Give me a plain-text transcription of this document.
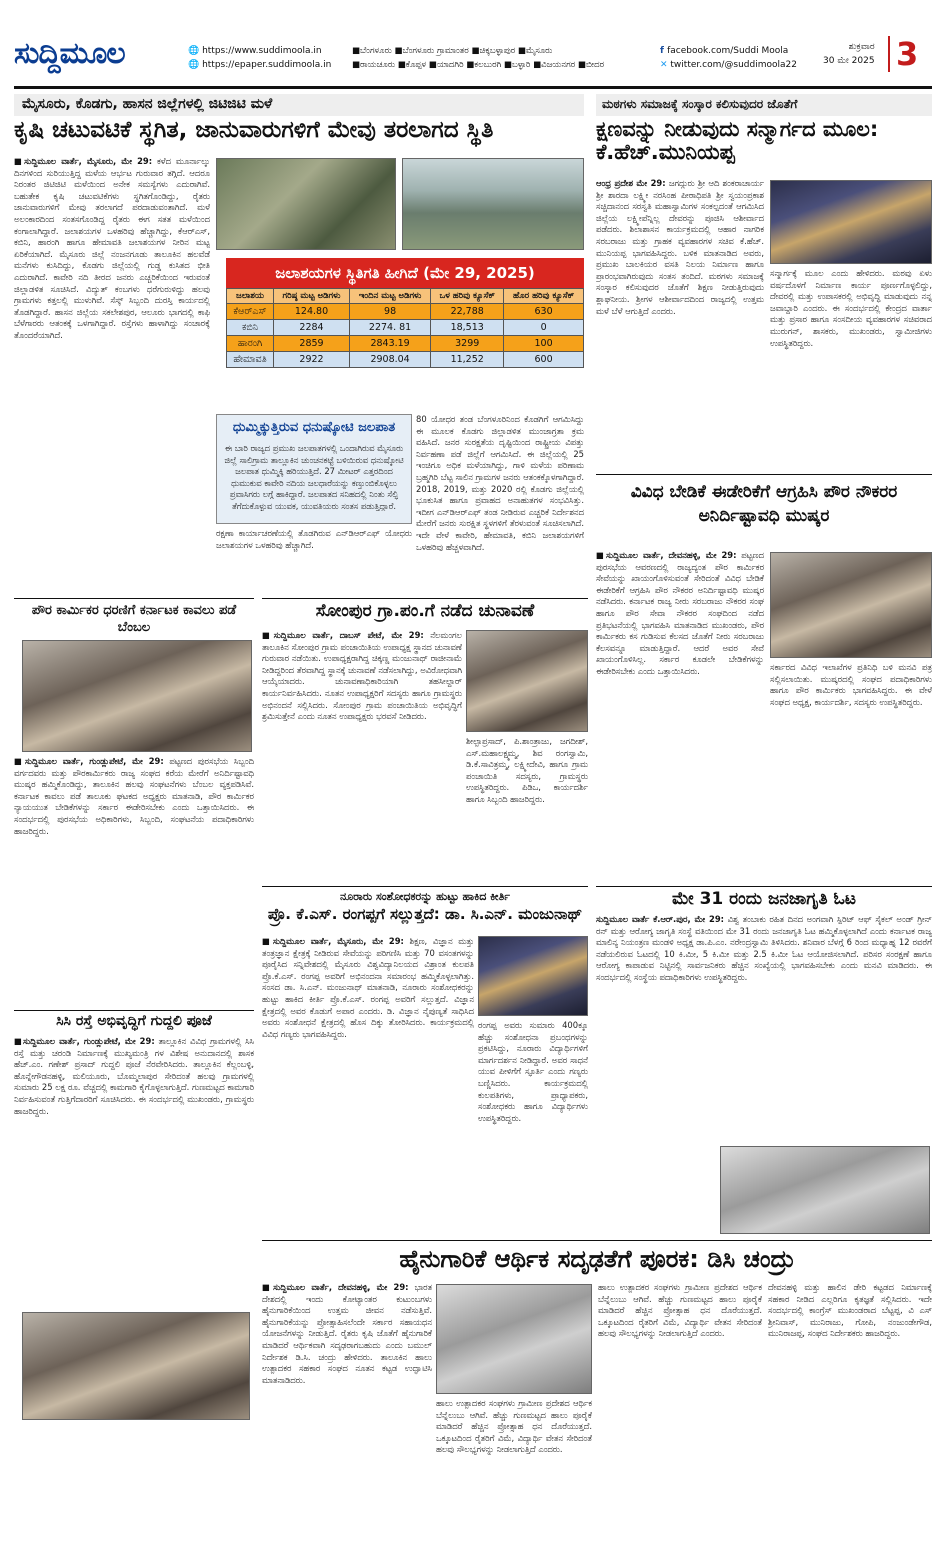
ಸುದ್ದಿಮೂಲ	🌐 https://www.suddimoola.in
🌐 https://epaper.suddimoola.in
■ಬೆಂಗಳೂರು ■ಬೆಂಗಳೂರು ಗ್ರಾಮಾಂತರ ■ಚಿಕ್ಕಬಳ್ಳಾಪುರ ■ಮೈಸೂರು
■ರಾಯಚೂರು ■ಕೊಪ್ಪಳ ■ಯಾದಗಿರಿ ■ಕಲಬುರಗಿ ■ಬಳ್ಳಾರಿ ■ವಿಜಯನಗರ ■ಬೀದರ
f facebook.com/Suddi Moola
✕ twitter.com/@suddimoola22
ಶುಕ್ರವಾರ
30 ಮೇ 2025 3
ಮೈಸೂರು, ಕೊಡಗು, ಹಾಸನ ಜಿಲ್ಲೆಗಳಲ್ಲಿ ಜಿಟಿಜಿಟಿ ಮಳೆ
ಕೃಷಿ ಚಟುವಟಿಕೆ ಸ್ಥಗಿತ, ಜಾನುವಾರುಗಳಿಗೆ ಮೇವು ತರಲಾಗದ ಸ್ಥಿತಿ
■ಸುದ್ದಿಮೂಲ ವಾರ್ತೆ, ಮೈಸೂರು, ಮೇ 29: ಕಳೆದ ಮೂರ್ನಾಲ್ಕು ದಿನಗಳಿಂದ ಸುರಿಯುತ್ತಿದ್ದ ಮಳೆಯ ಆರ್ಭಟ ಗುರುವಾರ ತಗ್ಗಿದೆ. ಆದರೂ ನಿರಂತರ ಜಿಟಿಜಿಟಿ ಮಳೆಯಿಂದ ಅನೇಕ ಸಮಸ್ಯೆಗಳು ಎದುರಾಗಿವೆ. ಬಹುತೇಕ ಕೃಷಿ ಚಟುವಟಿಕೆಗಳು ಸ್ಥಗಿತಗೊಂಡಿದ್ದು, ರೈತರು ಜಾನುವಾರುಗಳಿಗೆ ಮೇವು ತರಲಾಗದೆ ಪರದಾಡುವಂತಾಗಿದೆ. ಮಳೆ ಅಲಂಕಾರದಿಂದ ಸಂತಸಗೊಂಡಿದ್ದ ರೈತರು ಈಗ ಸತತ ಮಳೆಯಿಂದ ಕಂಗಾಲಾಗಿದ್ದಾರೆ. ಜಲಾಶಯಗಳ ಒಳಹರಿವು ಹೆಚ್ಚಾಗಿದ್ದು, ಕೆಆರ್‌ಎಸ್, ಕಬಿನಿ, ಹಾರಂಗಿ ಹಾಗೂ ಹೇಮಾವತಿ ಜಲಾಶಯಗಳ ನೀರಿನ ಮಟ್ಟ ಏರಿಕೆಯಾಗಿದೆ. ಮೈಸೂರು ಜಿಲ್ಲೆ ನಂಜನಗೂಡು ತಾಲೂಕಿನ ಹಲವೆಡೆ ಮನೆಗಳು ಕುಸಿದಿದ್ದು, ಕೊಡಗು ಜಿಲ್ಲೆಯಲ್ಲಿ ಗುಡ್ಡ ಕುಸಿತದ ಭೀತಿ ಎದುರಾಗಿದೆ. ಕಾವೇರಿ ನದಿ ತೀರದ ಜನರು ಎಚ್ಚರಿಕೆಯಿಂದ ಇರುವಂತೆ ಜಿಲ್ಲಾಡಳಿತ ಸೂಚಿಸಿದೆ. ವಿದ್ಯುತ್ ಕಂಬಗಳು ಧರೆಗುರುಳಿದ್ದು ಹಲವು ಗ್ರಾಮಗಳು ಕತ್ತಲಲ್ಲಿ ಮುಳುಗಿವೆ. ಸೆಸ್ಕ್ ಸಿಬ್ಬಂದಿ ದುರಸ್ತಿ ಕಾರ್ಯದಲ್ಲಿ ತೊಡಗಿದ್ದಾರೆ. ಹಾಸನ ಜಿಲ್ಲೆಯ ಸಕಲೇಶಪುರ, ಆಲೂರು ಭಾಗದಲ್ಲಿ ಕಾಫಿ ಬೆಳೆಗಾರರು ಆತಂಕಕ್ಕೆ ಒಳಗಾಗಿದ್ದಾರೆ. ರಸ್ತೆಗಳು ಹಾಳಾಗಿದ್ದು ಸಂಚಾರಕ್ಕೆ ತೊಂದರೆಯಾಗಿದೆ.
ಜಲಾಶಯಗಳ ಸ್ಥಿತಿಗತಿ ಹೀಗಿದೆ (ಮೇ 29, 2025)
ಜಲಾಶಯ	ಗರಿಷ್ಠ ಮಟ್ಟ ಅಡಿಗಳು	ಇಂದಿನ ಮಟ್ಟ ಅಡಿಗಳು	ಒಳ ಹರಿವು ಕ್ಯೂಸೆಕ್	ಹೊರ ಹರಿವು ಕ್ಯೂಸೆಕ್
ಕೆಆರ್‌ಎಸ್	124.80	98	22,788	630
ಕಬಿನಿ	2284	2274. 81	18,513	0
ಹಾರಂಗಿ	2859	2843.19	3299	100
ಹೇಮಾವತಿ	2922	2908.04	11,252	600
ಧುಮ್ಮಿಕ್ಕುತ್ತಿರುವ ಧನುಷ್ಕೋಟಿ ಜಲಪಾತ
ಈ ಬಾರಿ ರಾಜ್ಯದ ಪ್ರಮುಖ ಜಲಪಾತಗಳಲ್ಲಿ ಒಂದಾಗಿರುವ ಮೈಸೂರು ಜಿಲ್ಲೆ ಸಾಲಿಗ್ರಾಮ ತಾಲ್ಲೂಕಿನ ಚುಂಚನಕಟ್ಟೆ ಬಳಿಯಿರುವ ಧನುಷ್ಕೋಟಿ ಜಲಪಾತ ಧುಮ್ಮಿಕ್ಕಿ ಹರಿಯುತ್ತಿದೆ. 27 ಮೀಟರ್ ಎತ್ತರದಿಂದ ಧುಮುಕುವ ಕಾವೇರಿ ನದಿಯ ಜಲಧಾರೆಯನ್ನು ಕಣ್ತುಂಬಿಕೊಳ್ಳಲು ಪ್ರವಾಸಿಗರು ಲಗ್ಗೆ ಹಾಕಿದ್ದಾರೆ. ಜಲಪಾತದ ಸನಿಹದಲ್ಲಿ ನಿಂತು ಸೆಲ್ಫಿ ತೆಗೆದುಕೊಳ್ಳುವ ಯುವಕ, ಯುವತಿಯರು ಸಂತಸ ಪಡುತ್ತಿದ್ದಾರೆ.
80 ಯೋಧರ ತಂಡ ಬೆಂಗಳೂರಿನಿಂದ ಕೊಡಗಿಗೆ ಆಗಮಿಸಿದ್ದು ಈ ಮೂಲಕ ಕೊಡಗು ಜಿಲ್ಲಾಡಳಿತ ಮುಂಜಾಗ್ರತಾ ಕ್ರಮ ವಹಿಸಿದೆ. ಜನರ ಸುರಕ್ಷತೆಯ ದೃಷ್ಟಿಯಿಂದ ರಾಷ್ಟ್ರೀಯ ವಿಪತ್ತು ನಿರ್ವಹಣಾ ಪಡೆ ಜಿಲ್ಲೆಗೆ ಆಗಮಿಸಿದೆ. ಈ ಜಿಲ್ಲೆಯಲ್ಲಿ 25 ಇಂಚಿಗೂ ಅಧಿಕ ಮಳೆಯಾಗಿದ್ದು, ಗಾಳಿ ಮಳೆಯ ಪರಿಣಾಮ ಬ್ರಹ್ಮಗಿರಿ ಬೆಟ್ಟ ಸಾಲಿನ ಗ್ರಾಮಗಳ ಜನರು ಆತಂಕಕ್ಕೊಳಗಾಗಿದ್ದಾರೆ. 2018, 2019, ಮತ್ತು 2020 ರಲ್ಲಿ ಕೊಡಗು ಜಿಲ್ಲೆಯಲ್ಲಿ ಭೂಕುಸಿತ ಹಾಗೂ ಪ್ರವಾಹದ ಅನಾಹುತಗಳ ಸಂಭವಿಸಿತ್ತು. ಇದೀಗ ಎನ್‌ಡಿಆರ್‌ಎಫ್ ತಂಡ ನೀಡಿರುವ ಎಚ್ಚರಿಕೆ ನಿರ್ದೇಶನದ ಮೇರೆಗೆ ಜನರು ಸುರಕ್ಷಿತ ಸ್ಥಳಗಳಿಗೆ ತೆರಳುವಂತೆ ಸೂಚಿಸಲಾಗಿದೆ. ಇದೇ ವೇಳೆ ಕಾವೇರಿ, ಹೇಮಾವತಿ, ಕಬಿನಿ ಜಲಾಶಯಗಳಿಗೆ ಒಳಹರಿವು ಹೆಚ್ಚಳವಾಗಿದೆ.
ರಕ್ಷಣಾ ಕಾರ್ಯಾಚರಣೆಯಲ್ಲಿ ತೊಡಗಿರುವ ಎನ್‌ಡಿಆರ್‌ಎಫ್ ಯೋಧರು ಜಲಾಶಯಗಳ ಒಳಹರಿವು ಹೆಚ್ಚಾಗಿದೆ.
ಮಠಗಳು ಸಮಾಜಕ್ಕೆ ಸಂಸ್ಕಾರ ಕಲಿಸುವುದರ ಜೊತೆಗೆ
ಕ್ಷಣವನ್ನು ನೀಡುವುದು ಸನ್ಮಾರ್ಗದ ಮೂಲ: ಕೆ.ಹೆಚ್.ಮುನಿಯಪ್ಪ
ಆಂಧ್ರ ಪ್ರದೇಶ ಮೇ 29: ಜಗದ್ಗುರು ಶ್ರೀ ಆದಿ ಶಂಕರಾಚಾರ್ಯ ಶ್ರೀ ಶಾರದಾ ಲಕ್ಷ್ಮೀ ನರಸಿಂಹ ಪೀಠಾಧಿಪತಿ ಶ್ರೀ ಸ್ವಯಂಪ್ರಕಾಶ ಸಚ್ಚಿದಾನಂದ ಸರಸ್ವತಿ ಮಹಾಸ್ವಾಮಿಗಳ ಸಂಕಲ್ಪದಂತೆ ಆಗಮಿಸಿದ ಜಿಲ್ಲೆಯ ಲಕ್ಷ್ಮೀಪೆನ್ನಿಲ್ಲ ದೇವರನ್ನು ಪೂಜಿಸಿ ಆಶೀರ್ವಾದ ಪಡೆದರು. ಶಿಲಾಶಾಸನ ಕಾರ್ಯಕ್ರಮದಲ್ಲಿ ಆಹಾರ ನಾಗರಿಕ ಸರಬರಾಜು ಮತ್ತು ಗ್ರಾಹಕ ವ್ಯವಹಾರಗಳ ಸಚಿವ ಕೆ.ಹೆಚ್. ಮುನಿಯಪ್ಪ ಭಾಗವಹಿಸಿದ್ದರು. ಬಳಿಕ ಮಾತನಾಡಿದ ಅವರು, ಪ್ರಮುಖ ಬಾಲಕಿಯರ ವಸತಿ ನಿಲಯ ನಿರ್ಮಾಣ ಹಾಗೂ ಪ್ರಾರಂಭವಾಗಿರುವುದು ಸಂತಸ ತಂದಿದೆ. ಮಠಗಳು ಸಮಾಜಕ್ಕೆ ಸಂಸ್ಕಾರ ಕಲಿಸುವುದರ ಜೊತೆಗೆ ಶಿಕ್ಷಣ ನೀಡುತ್ತಿರುವುದು ಶ್ಲಾಘನೀಯ. ಶ್ರೀಗಳ ಆಶೀರ್ವಾದದಿಂದ ರಾಜ್ಯದಲ್ಲಿ ಉತ್ತಮ ಮಳೆ ಬೆಳೆ ಆಗುತ್ತಿದೆ ಎಂದರು.
ಸನ್ಮಾರ್ಗಕ್ಕೆ ಮೂಲ ಎಂದು ಹೇಳಿದರು. ಮಠವು ಏಳು ವರ್ಷದೊಳಗೆ ನಿರ್ಮಾಣ ಕಾರ್ಯ ಪೂರ್ಣಗೊಳ್ಳಲಿದ್ದು, ದೇವರಲ್ಲಿ ಮತ್ತು ಉಪಾಸಕರಲ್ಲಿ ಅಭಿವೃದ್ಧಿ ಮಾಡುವುದು ನನ್ನ ಜವಾಬ್ದಾರಿ ಎಂದರು. ಈ ಸಂದರ್ಭದಲ್ಲಿ ಕೇಂದ್ರದ ವಾರ್ತಾ ಮತ್ತು ಪ್ರಸಾರ ಹಾಗೂ ಸಂಸದೀಯ ವ್ಯವಹಾರಗಳ ಸಚಿವರಾದ ಮುರುಗನ್, ಶಾಸಕರು, ಮುಖಂಡರು, ಸ್ವಾಮೀಜಿಗಳು ಉಪಸ್ಥಿತರಿದ್ದರು.
ವಿವಿಧ ಬೇಡಿಕೆ ಈಡೇರಿಕೆಗೆ ಆಗ್ರಹಿಸಿ ಪೌರ ನೌಕರರ ಅನಿರ್ದಿಷ್ಟಾವಧಿ ಮುಷ್ಕರ
■ಸುದ್ದಿಮೂಲ ವಾರ್ತೆ, ದೇವನಹಳ್ಳಿ, ಮೇ 29: ಪಟ್ಟಣದ ಪುರಸಭೆಯ ಆವರಣದಲ್ಲಿ ರಾಜ್ಯದ್ಯಂತ ಪೌರ ಕಾರ್ಮಿಕರ ಸೇವೆಯನ್ನು ಖಾಯಂಗೊಳಿಸುವಂತೆ ಸೇರಿದಂತೆ ವಿವಿಧ ಬೇಡಿಕೆ ಈಡೇರಿಕೆಗೆ ಆಗ್ರಹಿಸಿ ಪೌರ ನೌಕರರ ಅನಿರ್ದಿಷ್ಟಾವಧಿ ಮುಷ್ಕರ ನಡೆಸಿದರು. ಕರ್ನಾಟಕ ರಾಜ್ಯ ನೀರು ಸರಬರಾಜು ನೌಕರರ ಸಂಘ ಹಾಗೂ ಪೌರ ಸೇವಾ ನೌಕರರ ಸಂಘದಿಂದ ನಡೆದ ಪ್ರತಿಭಟನೆಯಲ್ಲಿ ಭಾಗವಹಿಸಿ ಮಾತನಾಡಿದ ಮುಖಂಡರು, ಪೌರ ಕಾರ್ಮಿಕರು ಕಸ ಗುಡಿಸುವ ಕೆಲಸದ ಜೊತೆಗೆ ನೀರು ಸರಬರಾಜು ಕೆಲಸವನ್ನೂ ಮಾಡುತ್ತಿದ್ದಾರೆ. ಆದರೆ ಅವರ ಸೇವೆ ಖಾಯಂಗೊಳಿಸಿಲ್ಲ. ಸರ್ಕಾರ ಕೂಡಲೇ ಬೇಡಿಕೆಗಳನ್ನು ಈಡೇರಿಸಬೇಕು ಎಂದು ಒತ್ತಾಯಿಸಿದರು.	ಸರ್ಕಾರದ ವಿವಿಧ ಇಲಾಖೆಗಳ ಪ್ರತಿನಿಧಿ ಬಳಿ ಮನವಿ ಪತ್ರ ಸಲ್ಲಿಸಲಾಯಿತು. ಮುಷ್ಕರದಲ್ಲಿ ಸಂಘದ ಪದಾಧಿಕಾರಿಗಳು ಹಾಗೂ ಪೌರ ಕಾರ್ಮಿಕರು ಭಾಗವಹಿಸಿದ್ದರು. ಈ ವೇಳೆ ಸಂಘದ ಅಧ್ಯಕ್ಷ, ಕಾರ್ಯದರ್ಶಿ, ಸದಸ್ಯರು ಉಪಸ್ಥಿತರಿದ್ದರು.
ಪೌರ ಕಾರ್ಮಿಕರ ಧರಣಿಗೆ ಕರ್ನಾಟಕ ಕಾವಲು ಪಡೆ ಬೆಂಬಲ
■ಸುದ್ದಿಮೂಲ ವಾರ್ತೆ, ಗುಂಡ್ಲುಪೇಟೆ, ಮೇ 29: ಪಟ್ಟಣದ ಪುರಸಭೆಯ ಸಿಬ್ಬಂದಿ ವರ್ಗದವರು ಮತ್ತು ಪೌರಕಾರ್ಮಿಕರು ರಾಜ್ಯ ಸಂಘದ ಕರೆಯ ಮೇರೆಗೆ ಅನಿರ್ದಿಷ್ಟಾವಧಿ ಮುಷ್ಕರ ಹಮ್ಮಿಕೊಂಡಿದ್ದು, ತಾಲೂಕಿನ ಹಲವು ಸಂಘಟನೆಗಳು ಬೆಂಬಲ ವ್ಯಕ್ತಪಡಿಸಿವೆ. ಕರ್ನಾಟಕ ಕಾವಲು ಪಡೆ ತಾಲೂಕು ಘಟಕದ ಅಧ್ಯಕ್ಷರು ಮಾತನಾಡಿ, ಪೌರ ಕಾರ್ಮಿಕರ ನ್ಯಾಯಯುತ ಬೇಡಿಕೆಗಳನ್ನು ಸರ್ಕಾರ ಈಡೇರಿಸಬೇಕು ಎಂದು ಒತ್ತಾಯಿಸಿದರು. ಈ ಸಂದರ್ಭದಲ್ಲಿ ಪುರಸಭೆಯ ಅಧಿಕಾರಿಗಳು, ಸಿಬ್ಬಂದಿ, ಸಂಘಟನೆಯ ಪದಾಧಿಕಾರಿಗಳು ಹಾಜರಿದ್ದರು.
ಸೋಂಪುರ ಗ್ರಾ.ಪಂ.ಗೆ ನಡೆದ ಚುನಾವಣೆ
■ಸುದ್ದಿಮೂಲ ವಾರ್ತೆ, ದಾಬಸ್ ಪೇಟೆ, ಮೇ 29: ನೆಲಮಂಗಲ ತಾಲೂಕಿನ ಸೋಂಪುರ ಗ್ರಾಮ ಪಂಚಾಯಿತಿಯ ಉಪಾಧ್ಯಕ್ಷ ಸ್ಥಾನದ ಚುನಾವಣೆ ಗುರುವಾರ ನಡೆಯಿತು. ಉಪಾಧ್ಯಕ್ಷರಾಗಿದ್ದ ಚಿಕ್ಕಣ್ಣ ಮಂಜುನಾಥ್ ರಾಜೀನಾಮೆ ನೀಡಿದ್ದರಿಂದ ತೆರವಾಗಿದ್ದ ಸ್ಥಾನಕ್ಕೆ ಚುನಾವಣೆ ನಡೆಸಲಾಗಿದ್ದು, ಅವಿರೋಧವಾಗಿ ಆಯ್ಕೆಯಾದರು. ಚುನಾವಣಾಧಿಕಾರಿಯಾಗಿ ತಹಸೀಲ್ದಾರ್ ಕಾರ್ಯನಿರ್ವಹಿಸಿದರು. ನೂತನ ಉಪಾಧ್ಯಕ್ಷರಿಗೆ ಸದಸ್ಯರು ಹಾಗೂ ಗ್ರಾಮಸ್ಥರು ಅಭಿನಂದನೆ ಸಲ್ಲಿಸಿದರು. ಸೋಂಪುರ ಗ್ರಾಮ ಪಂಚಾಯಿತಿಯ ಅಭಿವೃದ್ಧಿಗೆ ಶ್ರಮಿಸುತ್ತೇನೆ ಎಂದು ನೂತನ ಉಪಾಧ್ಯಕ್ಷರು ಭರವಸೆ ನೀಡಿದರು.
ಶೀಲ್ಪಾಪ್ರಸಾದ್, ಪಿ.ಶಾಂತ್ರಾಜು, ಜಗದೀಶ್, ಎಸ್.ಮಹಾಲಕ್ಷ್ಮಮ್ಮ, ಶಿವ ರಂಗಸ್ವಾಮಿ, ಡಿ.ಕೆ.ಸಾವಿತ್ರಮ್ಮ, ಲಕ್ಷ್ಮೀದೇವಿ, ಹಾಗೂ ಗ್ರಾಮ ಪಂಚಾಯಿತಿ ಸದಸ್ಯರು, ಗ್ರಾಮಸ್ಥರು ಉಪಸ್ಥಿತರಿದ್ದರು. ಪಿಡಿಒ, ಕಾರ್ಯದರ್ಶಿ ಹಾಗೂ ಸಿಬ್ಬಂದಿ ಹಾಜರಿದ್ದರು.
ನೂರಾರು ಸಂಶೋಧಕರನ್ನು ಹುಟ್ಟು ಹಾಕಿದ ಕೀರ್ತಿ
ಪ್ರೊ. ಕೆ.ಎಸ್. ರಂಗಪ್ಪಗೆ ಸಲ್ಲುತ್ತದೆ: ಡಾ. ಸಿ.ಎನ್. ಮಂಜುನಾಥ್
■ಸುದ್ದಿಮೂಲ ವಾರ್ತೆ, ಮೈಸೂರು, ಮೇ 29: ಶಿಕ್ಷಣ, ವಿಜ್ಞಾನ ಮತ್ತು ತಂತ್ರಜ್ಞಾನ ಕ್ಷೇತ್ರಕ್ಕೆ ನೀಡಿರುವ ಸೇವೆಯನ್ನು ಪರಿಗಣಿಸಿ ಮತ್ತು 70 ವಸಂತಗಳನ್ನು ಪೂರೈಸಿದ ಸನ್ನಿವೇಶದಲ್ಲಿ ಮೈಸೂರು ವಿಶ್ವವಿದ್ಯಾನಿಲಯದ ವಿಶ್ರಾಂತ ಕುಲಪತಿ ಪ್ರೊ.ಕೆ.ಎಸ್. ರಂಗಪ್ಪ ಅವರಿಗೆ ಅಭಿನಂದನಾ ಸಮಾರಂಭ ಹಮ್ಮಿಕೊಳ್ಳಲಾಗಿತ್ತು. ಸಂಸದ ಡಾ. ಸಿ.ಎನ್. ಮಂಜುನಾಥ್ ಮಾತನಾಡಿ, ನೂರಾರು ಸಂಶೋಧಕರನ್ನು ಹುಟ್ಟು ಹಾಕಿದ ಕೀರ್ತಿ ಪ್ರೊ.ಕೆ.ಎಸ್. ರಂಗಪ್ಪ ಅವರಿಗೆ ಸಲ್ಲುತ್ತದೆ. ವಿಜ್ಞಾನ ಕ್ಷೇತ್ರದಲ್ಲಿ ಅವರ ಕೊಡುಗೆ ಅಪಾರ ಎಂದರು. ಡಿ. ವಿಜ್ಞಾನ ನೈಪುಣ್ಯತೆ ಸಾಧಿಸಿದ ಅವರು ಸಂಶೋಧನೆ ಕ್ಷೇತ್ರದಲ್ಲಿ ಹೊಸ ದಿಕ್ಕು ತೋರಿಸಿದರು. ಕಾರ್ಯಕ್ರಮದಲ್ಲಿ ವಿವಿಧ ಗಣ್ಯರು ಭಾಗವಹಿಸಿದ್ದರು.
ರಂಗಪ್ಪ ಅವರು ಸುಮಾರು 400ಕ್ಕೂ ಹೆಚ್ಚು ಸಂಶೋಧನಾ ಪ್ರಬಂಧಗಳನ್ನು ಪ್ರಕಟಿಸಿದ್ದು, ನೂರಾರು ವಿದ್ಯಾರ್ಥಿಗಳಿಗೆ ಮಾರ್ಗದರ್ಶನ ನೀಡಿದ್ದಾರೆ. ಅವರ ಸಾಧನೆ ಯುವ ಪೀಳಿಗೆಗೆ ಸ್ಫೂರ್ತಿ ಎಂದು ಗಣ್ಯರು ಬಣ್ಣಿಸಿದರು. ಕಾರ್ಯಕ್ರಮದಲ್ಲಿ ಕುಲಪತಿಗಳು, ಪ್ರಾಧ್ಯಾಪಕರು, ಸಂಶೋಧಕರು ಹಾಗೂ ವಿದ್ಯಾರ್ಥಿಗಳು ಉಪಸ್ಥಿತರಿದ್ದರು.
ಸಿಸಿ ರಸ್ತೆ ಅಭಿವೃದ್ಧಿಗೆ ಗುದ್ದಲಿ ಪೂಜೆ
■ಸುದ್ದಿಮೂಲ ವಾರ್ತೆ, ಗುಂಡ್ಲುಪೇಟೆ, ಮೇ 29: ತಾಲ್ಲೂಕಿನ ವಿವಿಧ ಗ್ರಾಮಗಳಲ್ಲಿ ಸಿಸಿ ರಸ್ತೆ ಮತ್ತು ಚರಂಡಿ ನಿರ್ಮಾಣಕ್ಕೆ ಮುಖ್ಯಮಂತ್ರಿ ಗಳ ವಿಶೇಷ ಅನುದಾನದಲ್ಲಿ ಶಾಸಕ ಹೆಚ್.ಎಂ. ಗಣೇಶ್ ಪ್ರಸಾದ್ ಗುದ್ದಲಿ ಪೂಜೆ ನೆರವೇರಿಸಿದರು. ತಾಲ್ಲೂಕಿನ ಕೆಲ್ಲಂಬಳ್ಳಿ, ಹೊನ್ನೇಗೌಡನಹಳ್ಳಿ, ಮಲಿಯೂರು, ಬೊಮ್ಮಲಾಪುರ ಸೇರಿದಂತೆ ಹಲವು ಗ್ರಾಮಗಳಲ್ಲಿ ಸುಮಾರು 25 ಲಕ್ಷ ರೂ. ವೆಚ್ಚದಲ್ಲಿ ಕಾಮಗಾರಿ ಕೈಗೊಳ್ಳಲಾಗುತ್ತಿದೆ. ಗುಣಮಟ್ಟದ ಕಾಮಗಾರಿ ನಿರ್ವಹಿಸುವಂತೆ ಗುತ್ತಿಗೆದಾರರಿಗೆ ಸೂಚಿಸಿದರು. ಈ ಸಂದರ್ಭದಲ್ಲಿ ಮುಖಂಡರು, ಗ್ರಾಮಸ್ಥರು ಹಾಜರಿದ್ದರು.
ಮೇ 31 ರಂದು ಜನಜಾಗೃತಿ ಓಟ
ಸುದ್ದಿಮೂಲ ವಾರ್ತೆ ಕೆ.ಆರ್.ಪುರ, ಮೇ 29: ವಿಶ್ವ ತಂಬಾಕು ರಹಿತ ದಿನದ ಅಂಗವಾಗಿ ಸ್ಪಿರಿಟ್ ಆಫ್ ಸೈಕಲ್ ಅಂಡ್ ಗ್ರೀನ್ ರನ್ ಮತ್ತು ಆರೋಗ್ಯ ಜಾಗೃತಿ ಸಂಸ್ಥೆ ವತಿಯಿಂದ ಮೇ 31 ರಂದು ಜನಜಾಗೃತಿ ಓಟ ಹಮ್ಮಿಕೊಳ್ಳಲಾಗಿದೆ ಎಂದು ಕರ್ನಾಟಕ ರಾಜ್ಯ ಮಾಲಿನ್ಯ ನಿಯಂತ್ರಣ ಮಂಡಳಿ ಅಧ್ಯಕ್ಷ ಡಾ.ಪಿ.ಎಂ. ನರೇಂದ್ರಸ್ವಾಮಿ ತಿಳಿಸಿದರು. ಶನಿವಾರ ಬೆಳಗ್ಗೆ 6 ರಿಂದ ಮಧ್ಯಾಹ್ನ 12 ರವರೆಗೆ ನಡೆಯಲಿರುವ ಓಟದಲ್ಲಿ 10 ಕಿ.ಮೀ, 5 ಕಿ.ಮೀ ಮತ್ತು 2.5 ಕಿ.ಮೀ ಓಟ ಆಯೋಜಿಸಲಾಗಿದೆ. ಪರಿಸರ ಸಂರಕ್ಷಣೆ ಹಾಗೂ ಆರೋಗ್ಯ ಕಾಪಾಡುವ ನಿಟ್ಟಿನಲ್ಲಿ ಸಾರ್ವಜನಿಕರು ಹೆಚ್ಚಿನ ಸಂಖ್ಯೆಯಲ್ಲಿ ಭಾಗವಹಿಸಬೇಕು ಎಂದು ಮನವಿ ಮಾಡಿದರು. ಈ ಸಂದರ್ಭದಲ್ಲಿ ಸಂಸ್ಥೆಯ ಪದಾಧಿಕಾರಿಗಳು ಉಪಸ್ಥಿತರಿದ್ದರು.
ಹೈನುಗಾರಿಕೆ ಆರ್ಥಿಕ ಸದೃಢತೆಗೆ ಪೂರಕ: ಡಿಸಿ ಚಂದ್ರು
■ಸುದ್ದಿಮೂಲ ವಾರ್ತೆ, ದೇವನಹಳ್ಳಿ, ಮೇ 29: ಭಾರತ ದೇಶದಲ್ಲಿ ಇಂದು ಕೋಟ್ಯಾಂತರ ಕುಟುಂಬಗಳು ಹೈನುಗಾರಿಕೆಯಿಂದ ಉತ್ತಮ ಜೀವನ ನಡೆಸುತ್ತಿವೆ. ಹೈನುಗಾರಿಕೆಯನ್ನು ಪ್ರೋತ್ಸಾಹಿಸಲೆಂದೇ ಸರ್ಕಾರ ಸಹಾಯಧನ ಯೋಜನೆಗಳನ್ನು ನೀಡುತ್ತಿದೆ. ರೈತರು ಕೃಷಿ ಜೊತೆಗೆ ಹೈನುಗಾರಿಕೆ ಮಾಡಿದರೆ ಆರ್ಥಿಕವಾಗಿ ಸದೃಢರಾಗಬಹುದು ಎಂದು ಬಮುಲ್ ನಿರ್ದೇಶಕ ಡಿ.ಸಿ. ಚಂದ್ರು ಹೇಳಿದರು. ತಾಲೂಕಿನ ಹಾಲು ಉತ್ಪಾದಕರ ಸಹಕಾರ ಸಂಘದ ನೂತನ ಕಟ್ಟಡ ಉದ್ಘಾಟಿಸಿ ಮಾತನಾಡಿದರು.
ಹಾಲು ಉತ್ಪಾದಕರ ಸಂಘಗಳು ಗ್ರಾಮೀಣ ಪ್ರದೇಶದ ಆರ್ಥಿಕ ಬೆನ್ನೆಲುಬು ಆಗಿವೆ. ಹೆಚ್ಚು ಗುಣಮಟ್ಟದ ಹಾಲು ಪೂರೈಕೆ ಮಾಡಿದರೆ ಹೆಚ್ಚಿನ ಪ್ರೋತ್ಸಾಹ ಧನ ದೊರೆಯುತ್ತದೆ. ಒಕ್ಕೂಟದಿಂದ ರೈತರಿಗೆ ವಿಮೆ, ವಿದ್ಯಾರ್ಥಿ ವೇತನ ಸೇರಿದಂತೆ ಹಲವು ಸೌಲಭ್ಯಗಳನ್ನು ನೀಡಲಾಗುತ್ತಿದೆ ಎಂದರು.
ಹಾಲು ಉತ್ಪಾದಕರ ಸಂಘಗಳು ಗ್ರಾಮೀಣ ಪ್ರದೇಶದ ಆರ್ಥಿಕ ಬೆನ್ನೆಲುಬು ಆಗಿವೆ. ಹೆಚ್ಚು ಗುಣಮಟ್ಟದ ಹಾಲು ಪೂರೈಕೆ ಮಾಡಿದರೆ ಹೆಚ್ಚಿನ ಪ್ರೋತ್ಸಾಹ ಧನ ದೊರೆಯುತ್ತದೆ. ಒಕ್ಕೂಟದಿಂದ ರೈತರಿಗೆ ವಿಮೆ, ವಿದ್ಯಾರ್ಥಿ ವೇತನ ಸೇರಿದಂತೆ ಹಲವು ಸೌಲಭ್ಯಗಳನ್ನು ನೀಡಲಾಗುತ್ತಿದೆ ಎಂದರು.
ದೇವನಹಳ್ಳಿ ಮತ್ತು ಹಾಲಿನ ಡೇರಿ ಕಟ್ಟಡದ ನಿರ್ಮಾಣಕ್ಕೆ ಸಹಕಾರ ನೀಡಿದ ಎಲ್ಲರಿಗೂ ಕೃತಜ್ಞತೆ ಸಲ್ಲಿಸಿದರು. ಇದೇ ಸಂದರ್ಭದಲ್ಲಿ ಕಾಂಗ್ರೆಸ್ ಮುಖಂಡರಾದ ಬೆಟ್ಟಪ್ಪ, ವಿ ಎಸ್ ಶ್ರೀನಿವಾಸ್, ಮುನಿರಾಜು, ಗೋಪಿ, ನಂಜುಂಡೇಗೌಡ, ಮುನಿರಾಜಪ್ಪ, ಸಂಘದ ನಿರ್ದೇಶಕರು ಹಾಜರಿದ್ದರು.
